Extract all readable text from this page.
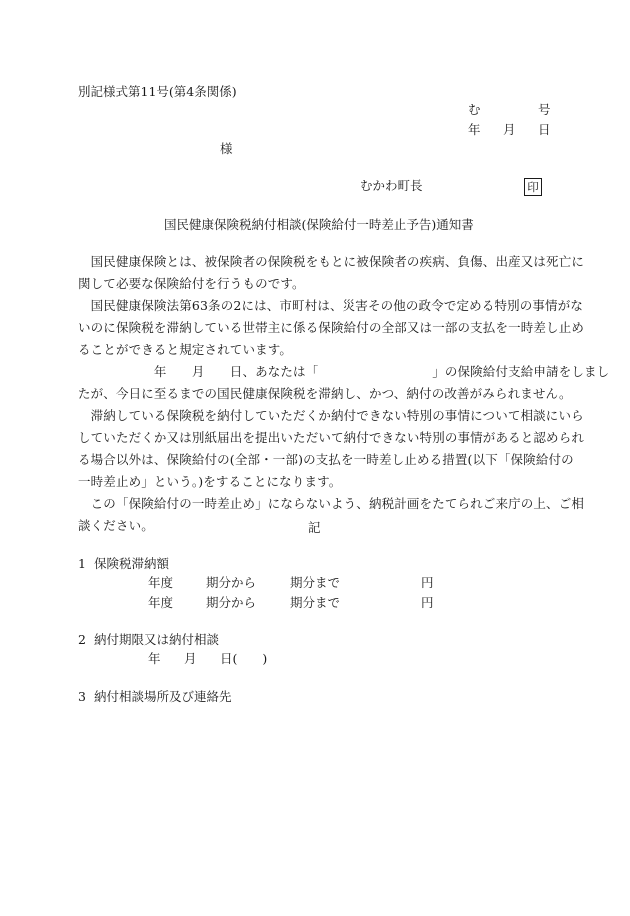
別記様式第11号(第4条関係)
む	号
年 月 日
様
むかわ町長	印
国民健康保険税納付相談(保険給付一時差止予告)通知書
　国民健康保険とは、被保険者の保険税をもとに被保険者の疾病、負傷、出産又は死亡に
関して必要な保険給付を行うものです。
　国民健康保険法第63条の2には、市町村は、災害その他の政令で定める特別の事情がな
いのに保険税を滞納している世帯主に係る保険給付の全部又は一部の支払を一時差し止め
ることができると規定されています。
　　　　　　年　　月　　日、あなたは「　　　　　　　　　」の保険給付支給申請をしまし
たが、今日に至るまでの国民健康保険税を滞納し、かつ、納付の改善がみられません。
　滞納している保険税を納付していただくか納付できない特別の事情について相談にいら
していただくか又は別紙届出を提出いただいて納付できない特別の事情があると認められ
る場合以外は、保険給付の(全部・一部)の支払を一時差し止める措置(以下「保険給付の
一時差止め」という。)をすることになります。
　この「保険給付の一時差止め」にならないよう、納税計画をたてられご来庁の上、ご相
談ください。	記
1 保険税滞納額
年度	期分から	期分まで	円
年度	期分から	期分まで	円
2 納付期限又は納付相談
年 月 日(　　)
3 納付相談場所及び連絡先
